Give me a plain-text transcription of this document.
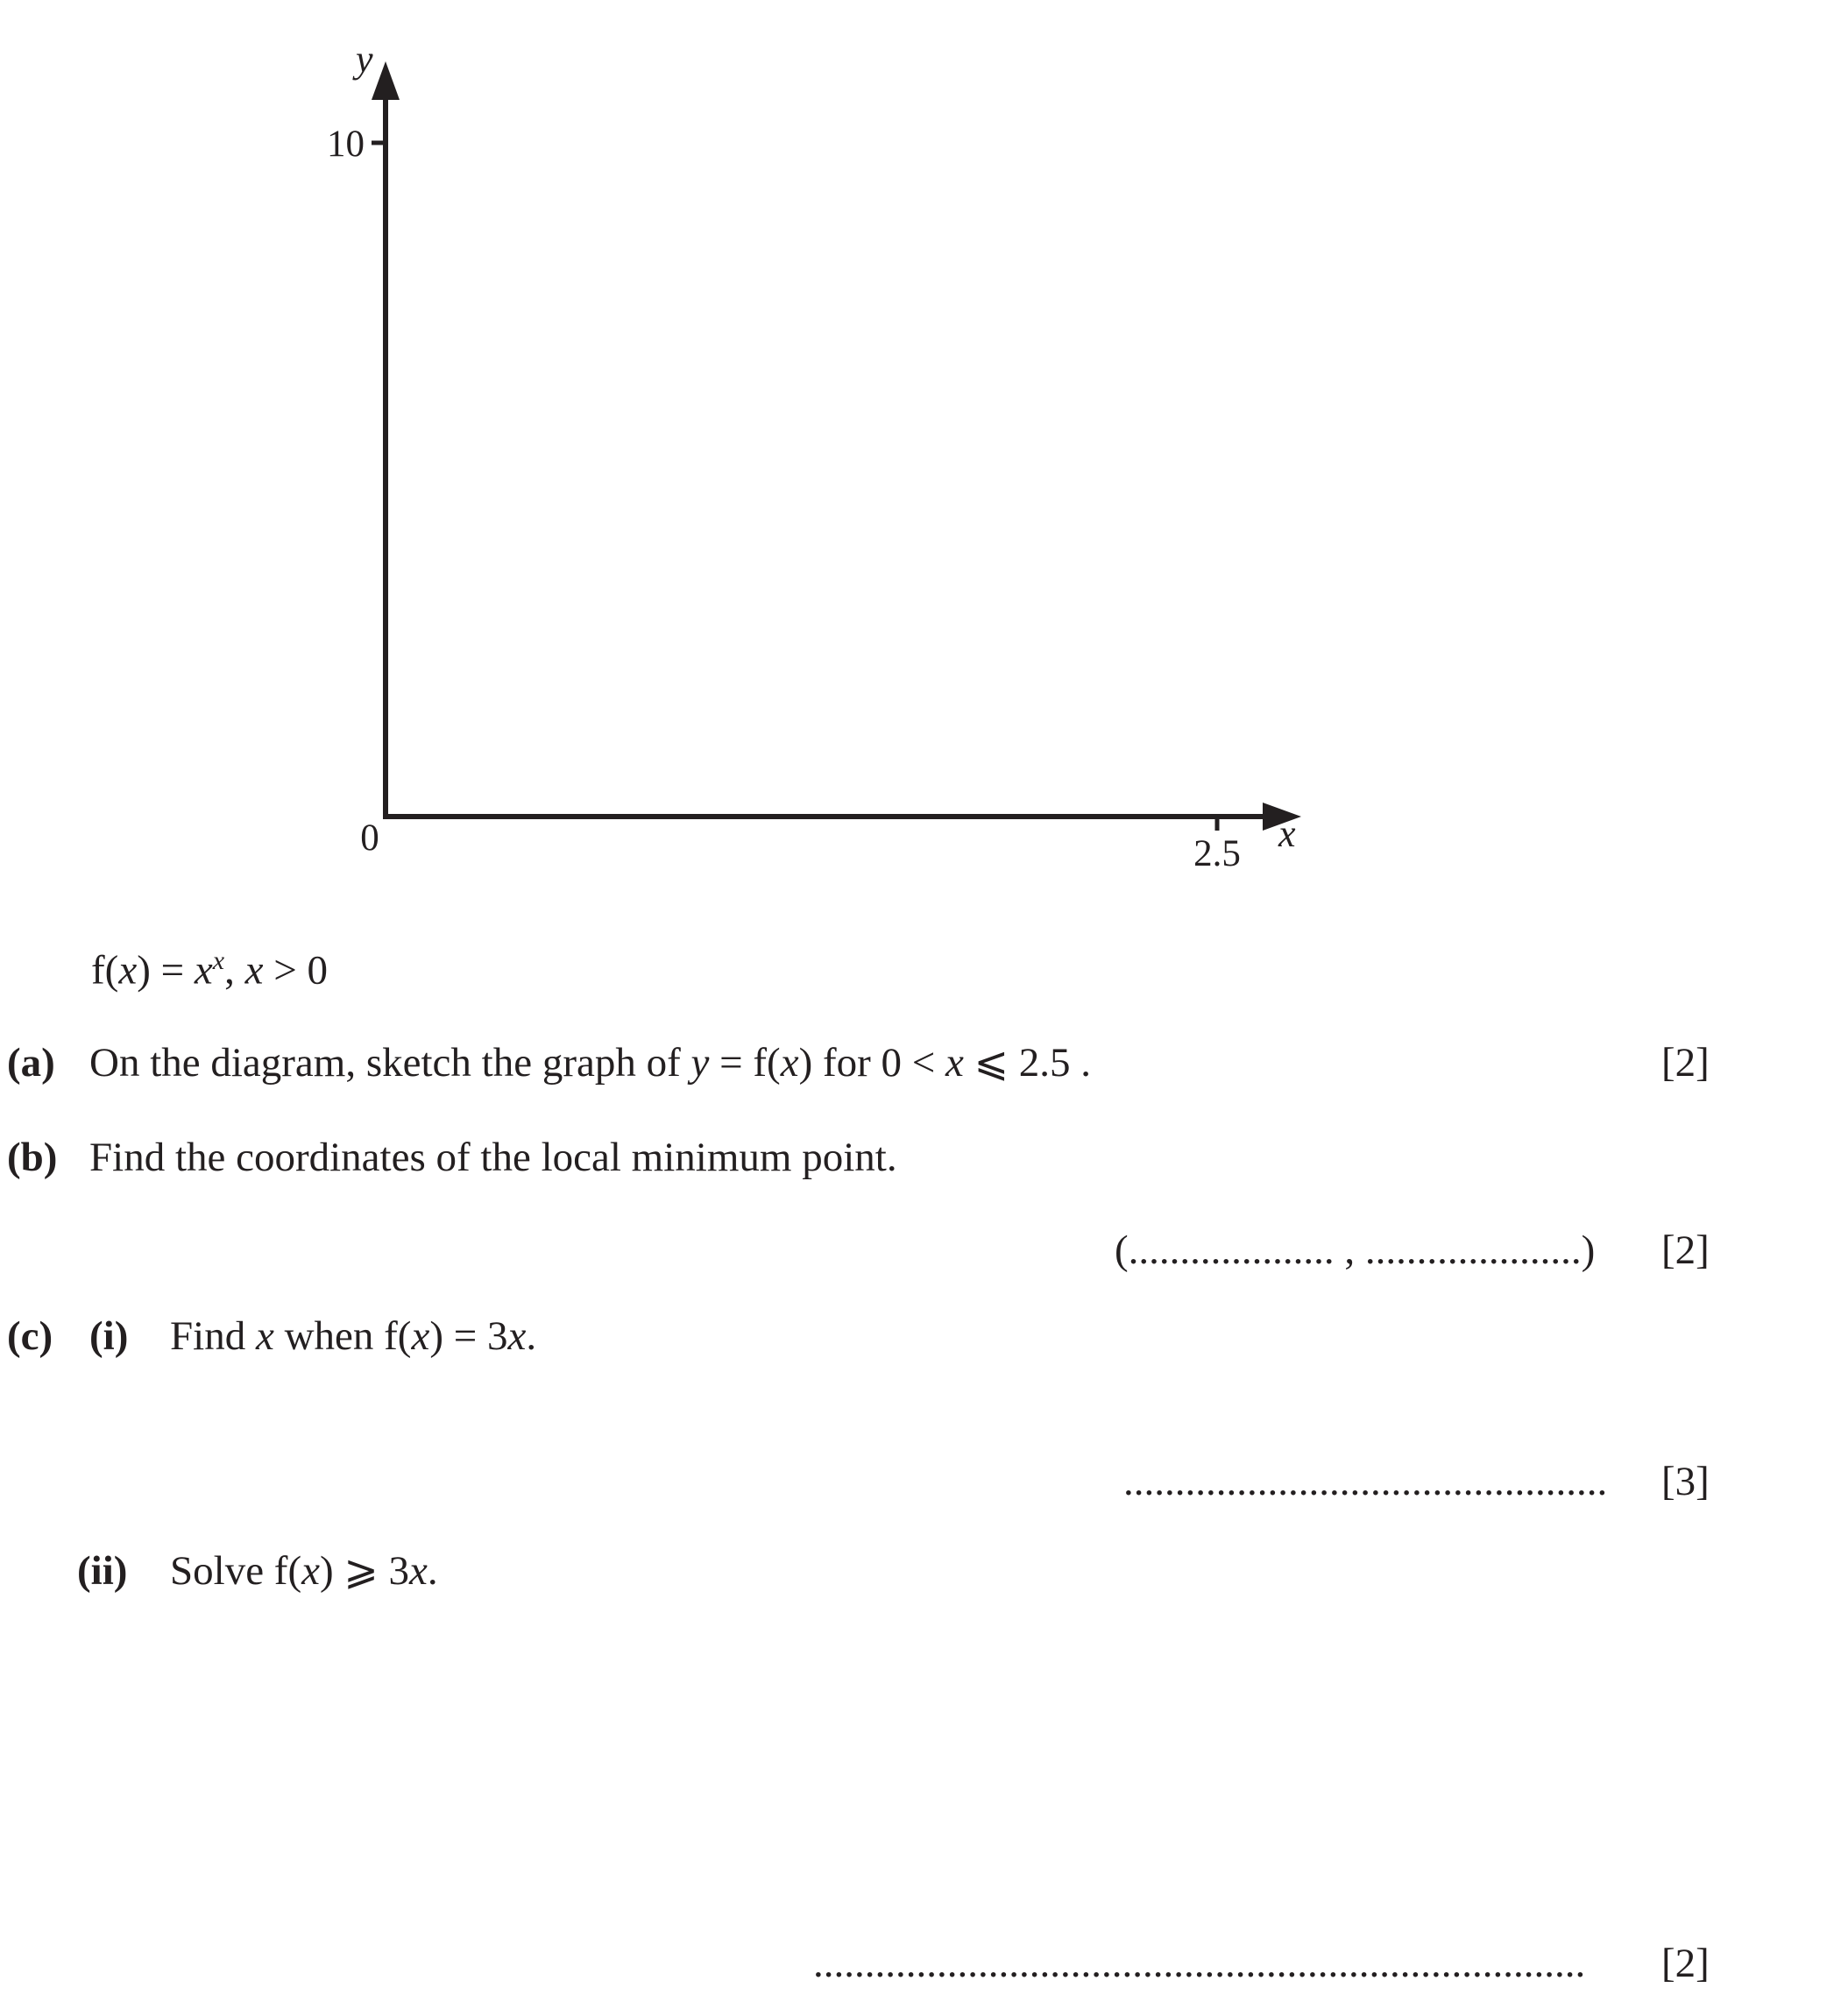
y
x
10
2.5
0
$f(x) = x^x$, x > 0
(a) On the diagram, sketch the graph of y = f(x) for 0 < x ⩽ 2.5 .	[2]
(b) Find the coordinates of the local minimum point.
(.................... , .....................) [2]
(c) (i) Find x when f(x) = 3x.
............................................... [3]
(ii) Solve f(x) ⩾ 3x.
........................................................................... [2]
